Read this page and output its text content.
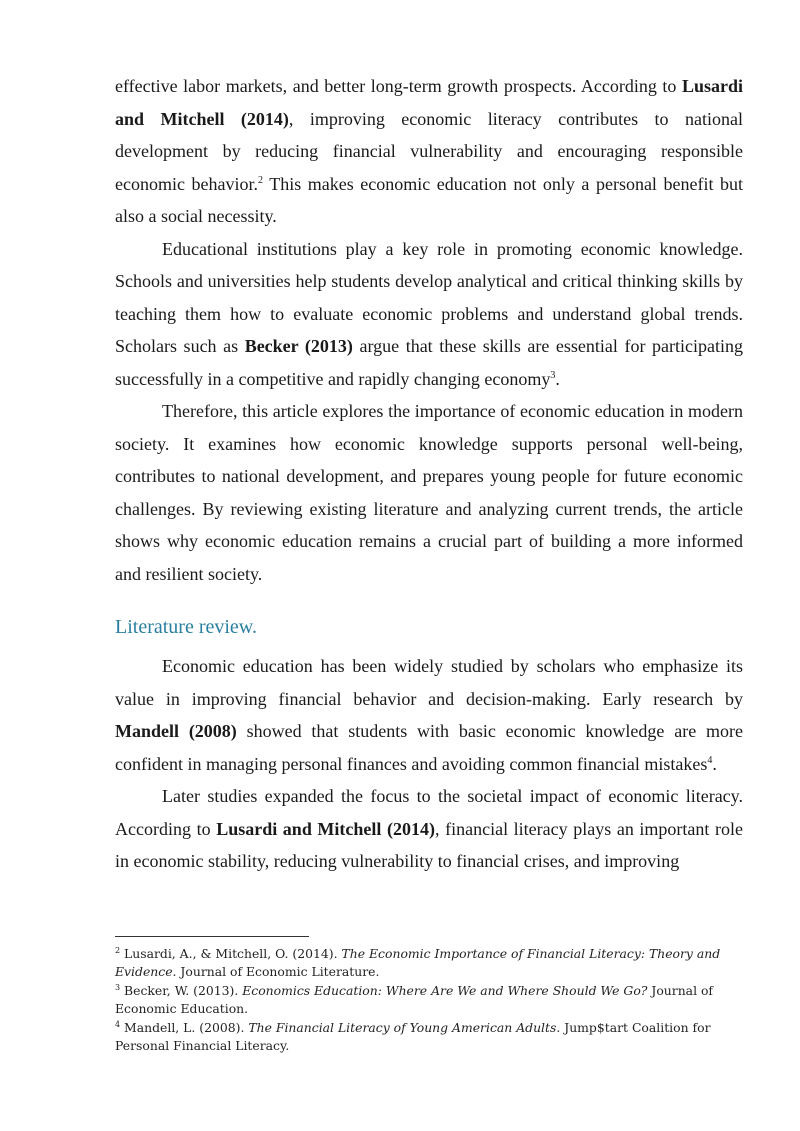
effective labor markets, and better long-term growth prospects. According to Lusardi and Mitchell (2014), improving economic literacy contributes to national development by reducing financial vulnerability and encouraging responsible economic behavior.$^2$ This makes economic education not only a personal benefit but also a social necessity.

Educational institutions play a key role in promoting economic knowledge. Schools and universities help students develop analytical and critical thinking skills by teaching them how to evaluate economic problems and understand global trends. Scholars such as Becker (2013) argue that these skills are essential for participating successfully in a competitive and rapidly changing economy$^3$.

Therefore, this article explores the importance of economic education in modern society. It examines how economic knowledge supports personal well-being, contributes to national development, and prepares young people for future economic challenges. By reviewing existing literature and analyzing current trends, the article shows why economic education remains a crucial part of building a more informed and resilient society.

Literature review.

Economic education has been widely studied by scholars who emphasize its value in improving financial behavior and decision-making. Early research by Mandell (2008) showed that students with basic economic knowledge are more confident in managing personal finances and avoiding common financial mistakes$^4$.

Later studies expanded the focus to the societal impact of economic literacy. According to Lusardi and Mitchell (2014), financial literacy plays an important role in economic stability, reducing vulnerability to financial crises, and improving

$^2$ Lusardi, A., & Mitchell, O. (2014). The Economic Importance of Financial Literacy: Theory and Evidence. Journal of Economic Literature.

$^3$ Becker, W. (2013). Economics Education: Where Are We and Where Should We Go? Journal of Economic Education.

$^4$ Mandell, L. (2008). The Financial Literacy of Young American Adults. Jump$tart Coalition for Personal Financial Literacy.
